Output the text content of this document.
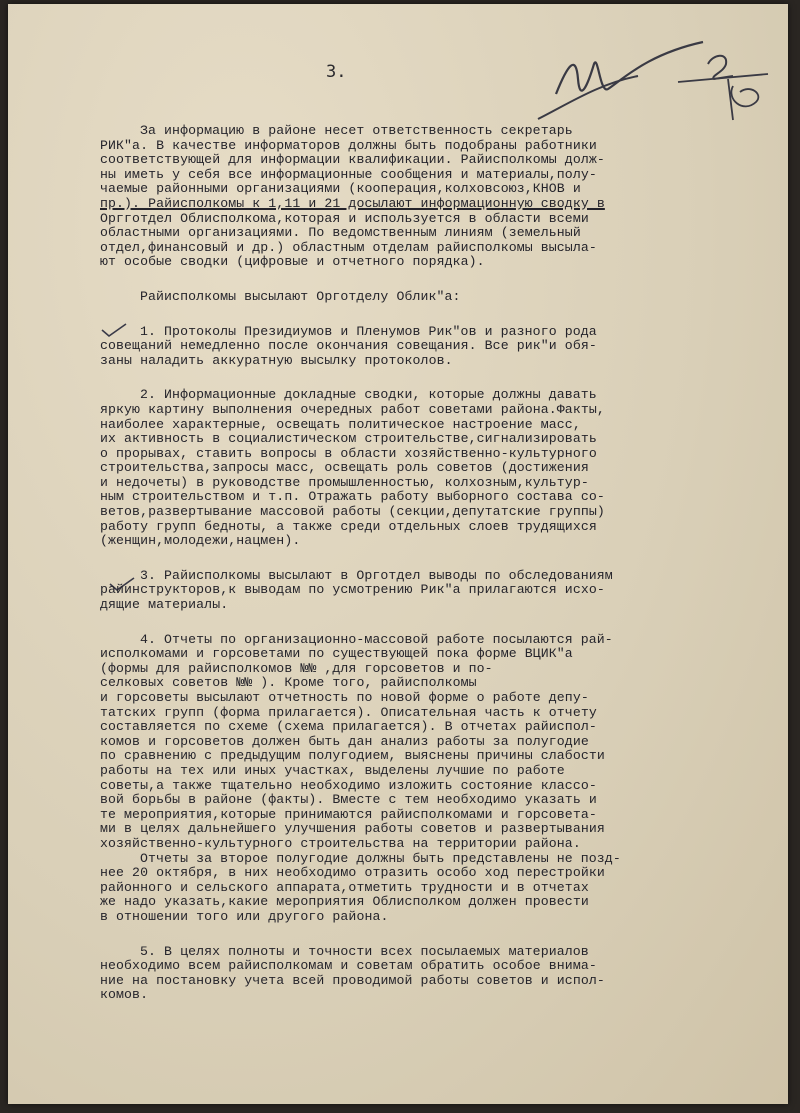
3.
За информацию в районе несет ответственность секретарь
РИК"а. В качестве информаторов должны быть подобраны работники
соответствующей для информации квалификации. Райисполкомы долж-
ны иметь у себя все информационные сообщения и материалы,полу-
чаемые районными организациями (кооперация,колховсоюз,КНОВ и
пр.). Райисполкомы к 1,11 и 21 досылают информационную сводку в
Оргготдел Облисполкома,которая и используется в области всеми
областными организациями. По ведомственным линиям (земельный
отдел,финансовый и др.) областным отделам райисполкомы высыла-
ют особые сводки (цифровые и отчетного порядка).
Райисполкомы высылают Орготделу Облик"а:
1. Протоколы Президиумов и Пленумов Рик"ов и разного рода
совещаний немедленно после окончания совещания. Все рик"и обя-
заны наладить аккуратную высылку протоколов.
2. Информационные докладные сводки, которые должны давать
яркую картину выполнения очередных работ советами района.Факты,
наиболее характерные, освещать политическое настроение масс,
их активность в социалистическом строительстве,сигнализировать
о прорывах, ставить вопросы в области хозяйственно-культурного
строительства,запросы масс, освещать роль советов (достижения
и недочеты) в руководстве промышленностью, колхозным,культур-
ным строительством и т.п. Отражать работу выборного состава со-
ветов,развертывание массовой работы (секции,депутатские группы)
работу групп бедноты, а также среди отдельных слоев трудящихся
(женщин,молодежи,нацмен).
3. Райисполкомы высылают в Орготдел выводы по обследованиям
райинструкторов,к выводам по усмотрению Рик"а прилагаются исхо-
дящие материалы.
4. Отчеты по организационно-массовой работе посылаются рай-
исполкомами и горсоветами по существующей пока форме ВЦИК"а
(формы для райисполкомов №№ ,для горсоветов и по-
селковых советов №№ ). Кроме того, райисполкомы
и горсоветы высылают отчетность по новой форме о работе депу-
татских групп (форма прилагается). Описательная часть к отчету
составляется по схеме (схема прилагается). В отчетах райиспол-
комов и горсоветов должен быть дан анализ работы за полугодие
по сравнению с предыдущим полугодием, выяснены причины слабости
работы на тех или иных участках, выделены лучшие по работе
советы,а также тщательно необходимо изложить состояние классо-
вой борьбы в районе (факты). Вместе с тем необходимо указать и
те мероприятия,которые принимаются райисполкомами и горсовета-
ми в целях дальнейшего улучшения работы советов и развертывания
хозяйственно-культурного строительства на территории района.
Отчеты за второе полугодие должны быть представлены не позд-
нее 20 октября, в них необходимо отразить особо ход перестройки
районного и сельского аппарата,отметить трудности и в отчетах
же надо указать,какие мероприятия Облисполком должен провести
в отношении того или другого района.
5. В целях полноты и точности всех посылаемых материалов
необходимо всем райисполкомам и советам обратить особое внима-
ние на постановку учета всей проводимой работы советов и испол-
комов.
